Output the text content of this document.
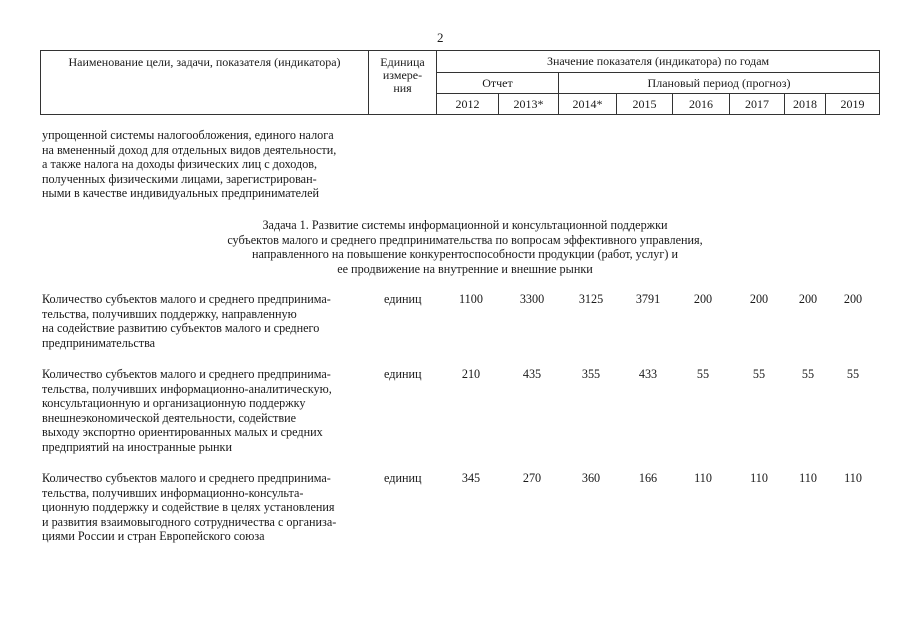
2
Наименование цели, задачи, показателя (индикатора)	Единица
измере-
ния	Значение показателя (индикатора) по годам							
		Отчет		Плановый период (прогноз)					
		2012	2013*	2014*	2015	2016	2017	2018	2019
упрощенной системы налогообложения, единого налога
на вмененный доход для отдельных видов деятельности,
а также налога на доходы физических лиц с доходов,
полученных физическими лицами, зарегистрирован-
ными в качестве индивидуальных предпринимателей
Задача 1. Развитие системы информационной и консультационной поддержки
субъектов малого и среднего предпринимательства по вопросам эффективного управления,
направленного на повышение конкурентоспособности продукции (работ, услуг) и
ее продвижение на внутренние и внешние рынки
Количество субъектов малого и среднего предпринима-
тельства, получивших поддержку, направленную
на содействие развитию субъектов малого и среднего
предпринимательства
единиц	1100	3300	3125	3791	200	200	200	200
Количество субъектов малого и среднего предпринима-
тельства, получивших информационно-аналитическую,
консультационную и организационную поддержку
внешнеэкономической деятельности, содействие
выходу экспортно ориентированных малых и средних
предприятий на иностранные рынки
единиц	210	435	355	433	55	55	55	55
Количество субъектов малого и среднего предпринима-
тельства, получивших информационно-консульта-
ционную поддержку и содействие в целях установления
и развития взаимовыгодного сотрудничества с организа-
циями России и стран Европейского союза
единиц	345	270	360	166	110	110	110	110
